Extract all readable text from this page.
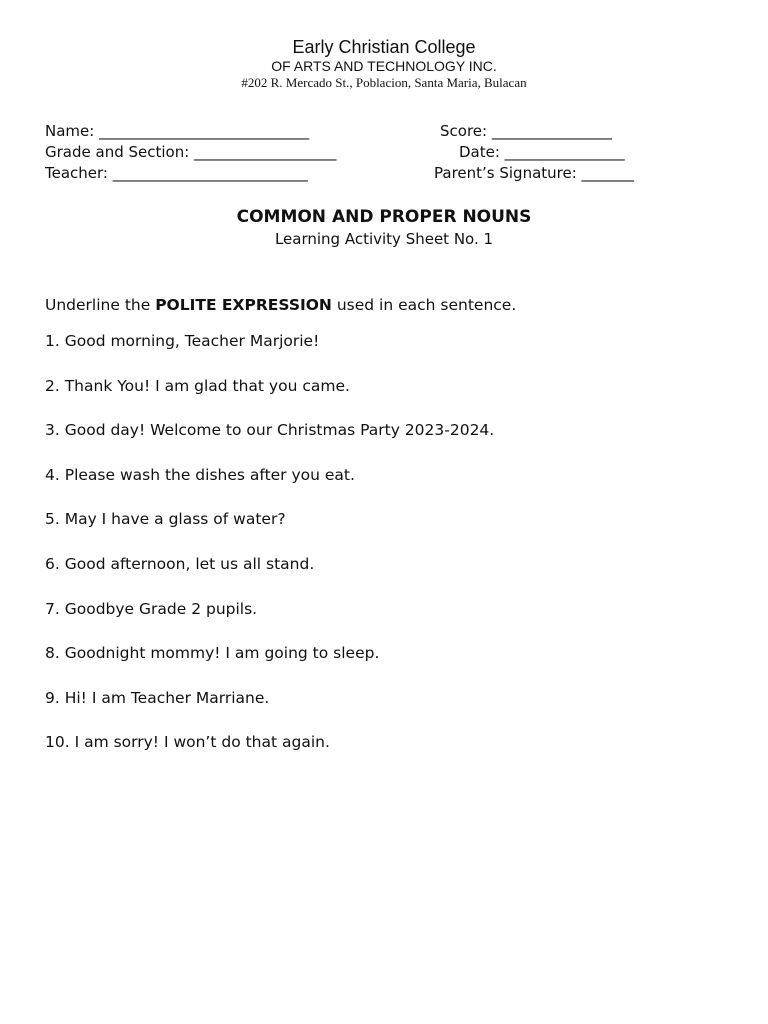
Early Christian College
OF ARTS AND TECHNOLOGY INC.
#202 R. Mercado St., Poblacion, Santa Maria, Bulacan
Name: ____________________________	Score: ________________
Grade and Section: ___________________	Date: ________________
Teacher: __________________________	Parent’s Signature: _______
COMMON AND PROPER NOUNS
Learning Activity Sheet No. 1
Underline the POLITE EXPRESSION used in each sentence.
1. Good morning, Teacher Marjorie!
2. Thank You! I am glad that you came.
3. Good day! Welcome to our Christmas Party 2023-2024.
4. Please wash the dishes after you eat.
5. May I have a glass of water?
6. Good afternoon, let us all stand.
7. Goodbye Grade 2 pupils.
8. Goodnight mommy! I am going to sleep.
9. Hi! I am Teacher Marriane.
10. I am sorry! I won’t do that again.
